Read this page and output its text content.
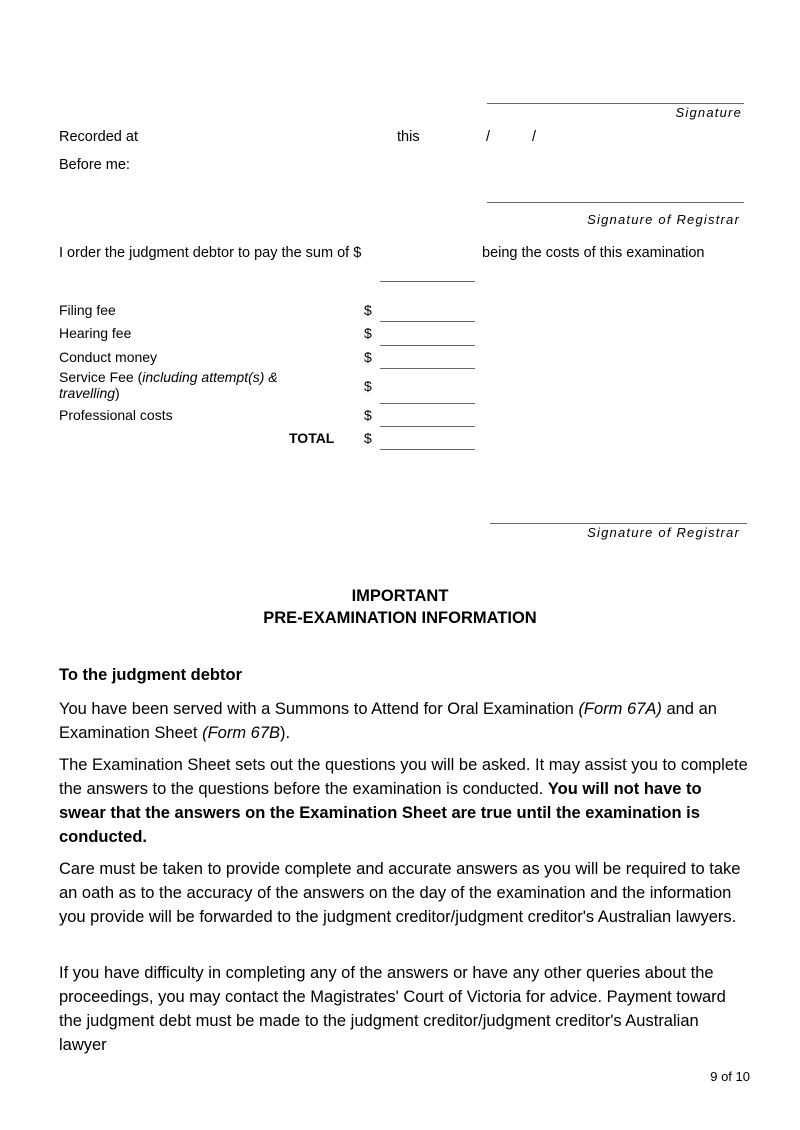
Signature
Recorded at	this	/	/
Before me:
Signature of Registrar
I order the judgment debtor to pay the sum of $	being the costs of this examination
Filing fee	$
Hearing fee	$
Conduct money	$
Service Fee (including attempt(s) & travelling)	$
Professional costs	$
TOTAL $
Signature of Registrar
IMPORTANT
PRE-EXAMINATION INFORMATION
To the judgment debtor
You have been served with a Summons to Attend for Oral Examination (Form 67A) and an Examination Sheet (Form 67B).
The Examination Sheet sets out the questions you will be asked. It may assist you to complete the answers to the questions before the examination is conducted. You will not have to swear that the answers on the Examination Sheet are true until the examination is conducted.
Care must be taken to provide complete and accurate answers as you will be required to take an oath as to the accuracy of the answers on the day of the examination and the information you provide will be forwarded to the judgment creditor/judgment creditor's Australian lawyers.
If you have difficulty in completing any of the answers or have any other queries about the proceedings, you may contact the Magistrates' Court of Victoria for advice. Payment toward the judgment debt must be made to the judgment creditor/judgment creditor's Australian lawyer
9 of 10
